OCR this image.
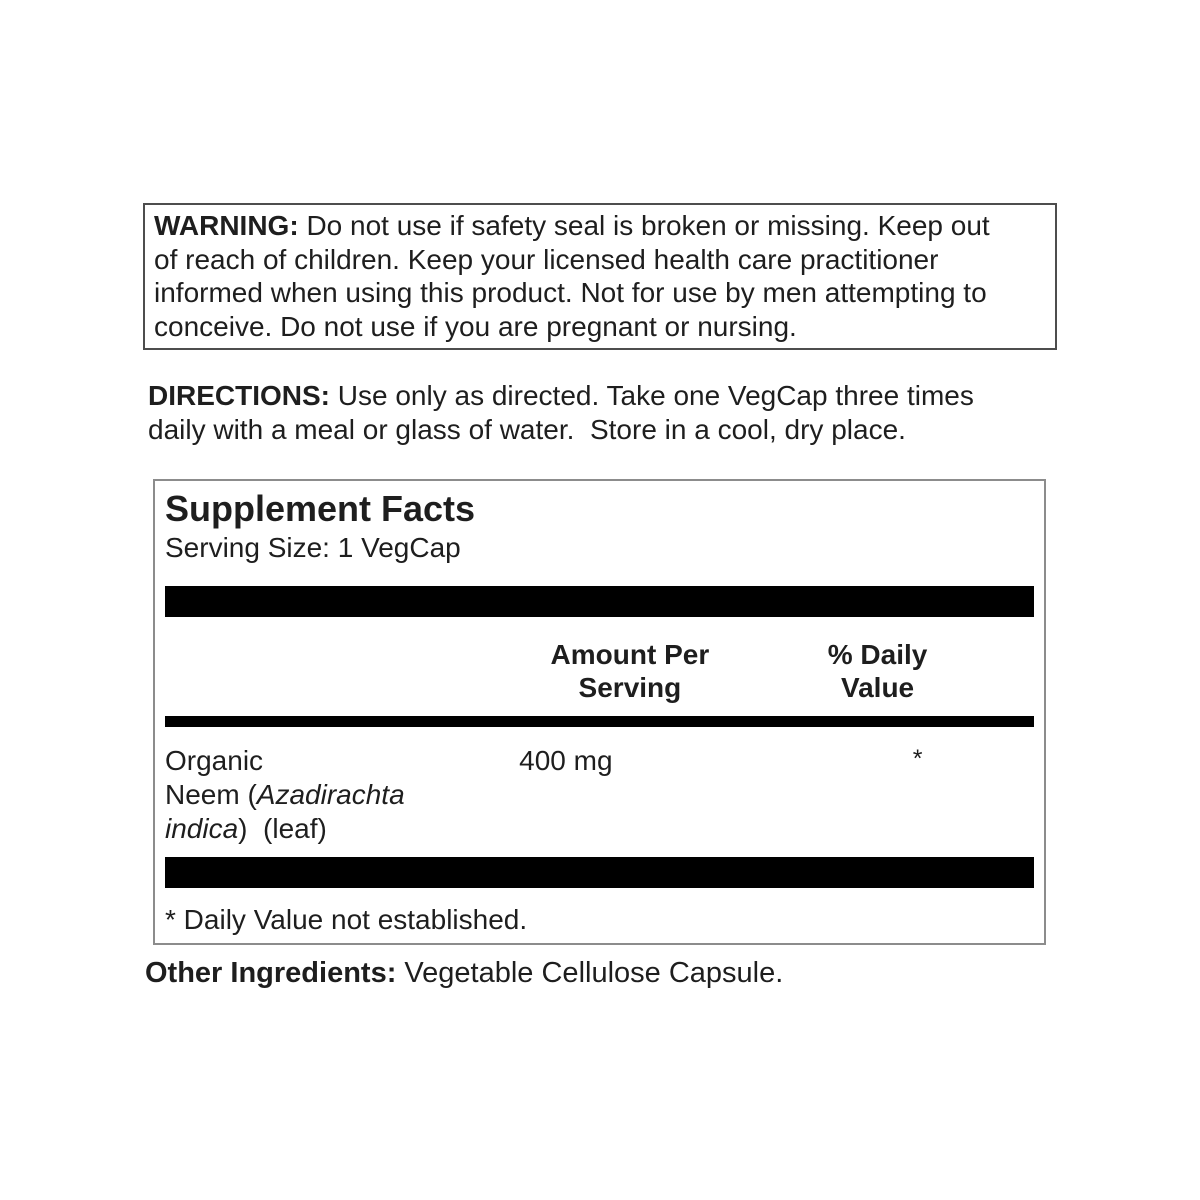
WARNING: Do not use if safety seal is broken or missing. Keep out
of reach of children. Keep your licensed health care practitioner
informed when using this product. Not for use by men attempting to
conceive. Do not use if you are pregnant or nursing.
DIRECTIONS: Use only as directed. Take one VegCap three times
daily with a meal or glass of water.  Store in a cool, dry place.
Supplement Facts
Serving Size: 1 VegCap
Amount Per
Serving
% Daily
Value
Organic
Neem (Azadirachta
indica)  (leaf)
400 mg	*
* Daily Value not established.
Other Ingredients: Vegetable Cellulose Capsule.
